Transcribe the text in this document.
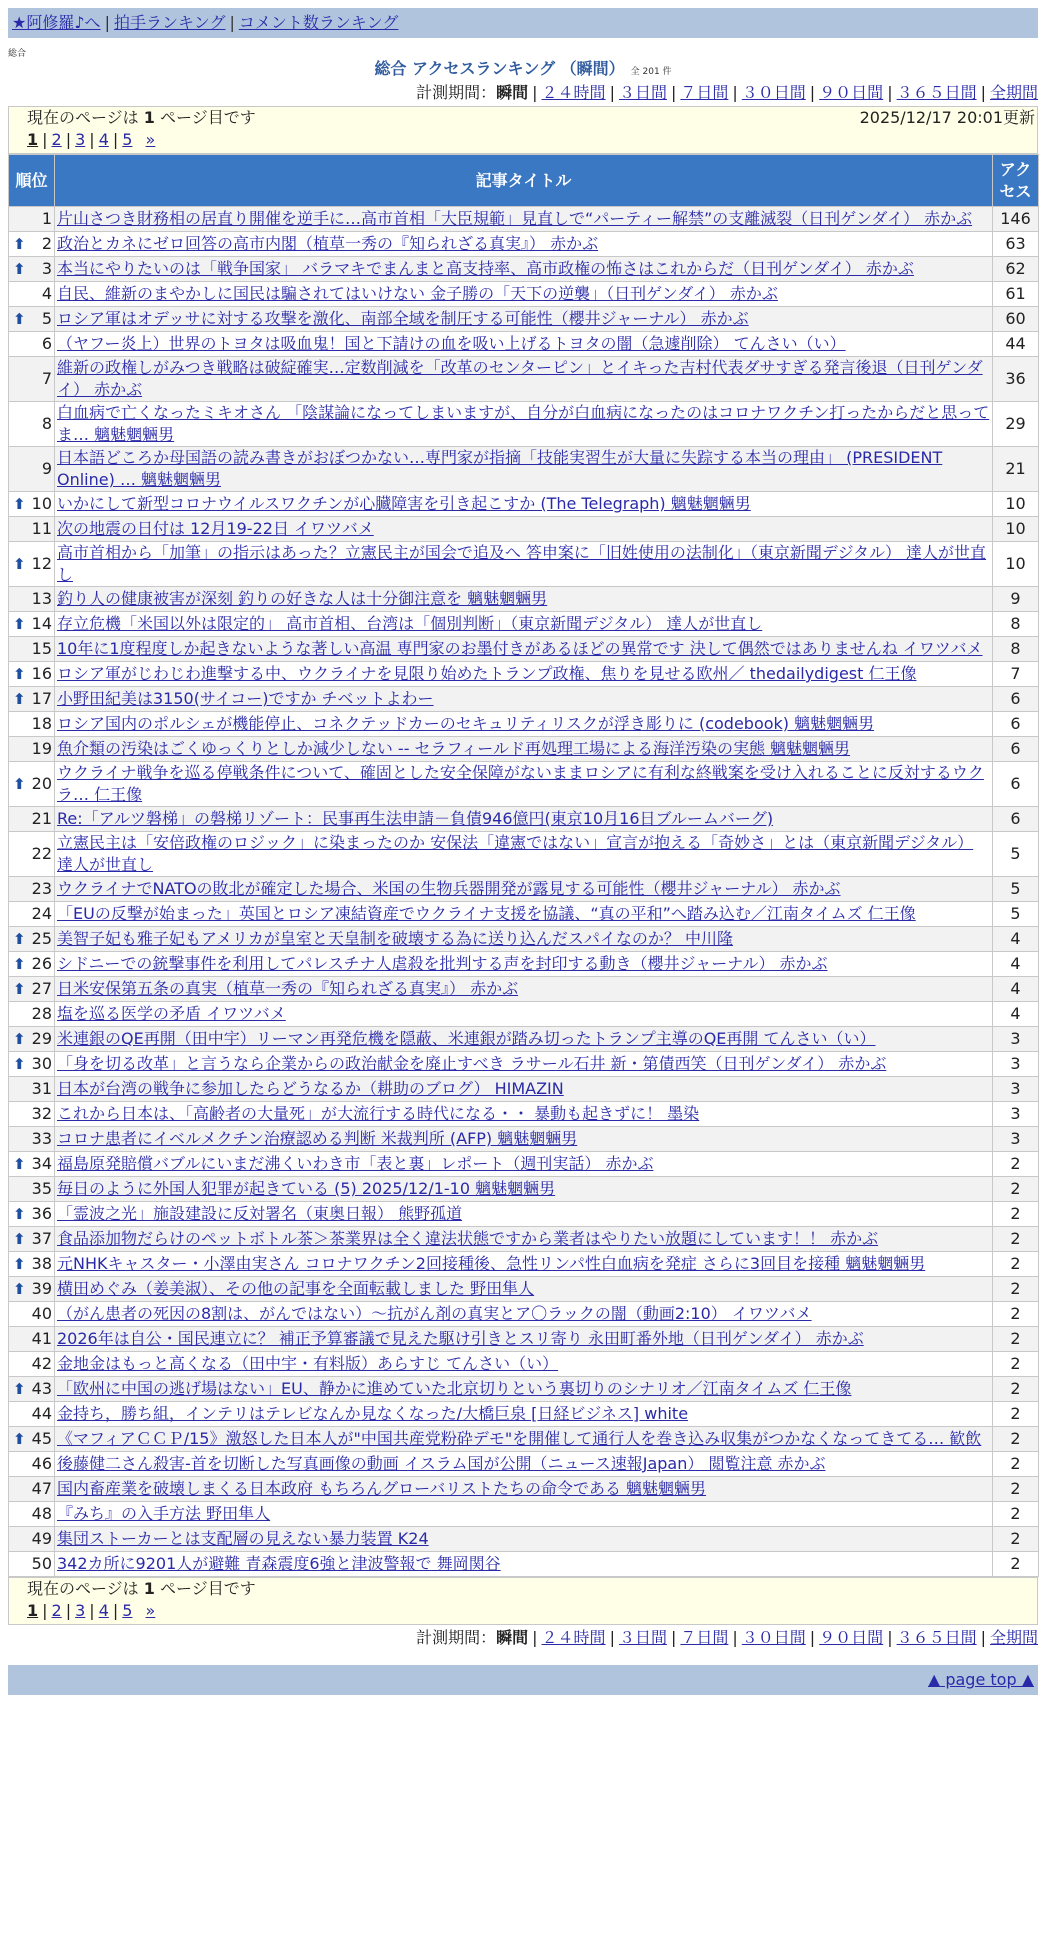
★阿修羅♪へ | 拍手ランキング | コメント数ランキング
総合
総合 アクセスランキング （瞬間） 全 201 件
計測期間：瞬間 | ２４時間 | ３日間 | ７日間 | ３０日間 | ９０日間 | ３６５日間 | 全期間
現在のページは 1 ページ目です	2025/12/17 20:01更新
1 | 2 | 3 | 4 | 5 »
順位	記事タイトル	アクセス
1	片山さつき財務相の居直り開催を逆手に…高市首相「大臣規範」見直しで“パーティー解禁”の支離滅裂（日刊ゲンダイ） 赤かぶ	146

⬆ 2	政治とカネにゼロ回答の高市内閣（植草一秀の『知られざる真実』） 赤かぶ	63

⬆ 3	本当にやりたいのは「戦争国家」 バラマキでまんまと高支持率、高市政権の怖さはこれからだ（日刊ゲンダイ） 赤かぶ	62
4	自民、維新のまやかしに国民は騙されてはいけない 金子勝の「天下の逆襲」（日刊ゲンダイ） 赤かぶ	61

⬆ 5	ロシア軍はオデッサに対する攻撃を激化、南部全域を制圧する可能性（櫻井ジャーナル） 赤かぶ	60
6	（ヤフー炎上）世界のトヨタは吸血鬼！国と下請けの血を吸い上げるトヨタの闇（急遽削除） てんさい（い）	44
7	維新の政権しがみつき戦略は破綻確実…定数削減を「改革のセンターピン」とイキった吉村代表ダサすぎる発言後退（日刊ゲンダイ） 赤かぶ	36
8	白血病で亡くなったミキオさん 「陰謀論になってしまいますが、自分が白血病になったのはコロナワクチン打ったからだと思ってま… 魑魅魍魎男	29
9	日本語どころか母国語の読み書きがおぼつかない…専門家が指摘「技能実習生が大量に失踪する本当の理由」 (PRESIDENT Online) … 魑魅魍魎男	21

⬆ 10	いかにして新型コロナウイルスワクチンが心臓障害を引き起こすか (The Telegraph) 魑魅魍魎男	10
11	次の地震の日付は 12月19-22日 イワツバメ	10

⬆ 12	高市首相から「加筆」の指示はあった？立憲民主が国会で追及へ 答申案に「旧姓使用の法制化」（東京新聞デジタル） 達人が世直し	10
13	釣り人の健康被害が深刻 釣りの好きな人は十分御注意を 魑魅魍魎男	9

⬆ 14	存立危機「米国以外は限定的」 高市首相、台湾は「個別判断」（東京新聞デジタル） 達人が世直し	8
15	10年に1度程度しか起きないような著しい高温 専門家のお墨付きがあるほどの異常です 決して偶然ではありませんね イワツバメ	8

⬆ 16	ロシア軍がじわじわ進撃する中、ウクライナを見限り始めたトランプ政権、焦りを見せる欧州／ thedailydigest 仁王像	7

⬆ 17	小野田紀美は3150(サイコー)ですか チベットよわー	6
18	ロシア国内のポルシェが機能停止、コネクテッドカーのセキュリティリスクが浮き彫りに (codebook) 魑魅魍魎男	6
19	魚介類の汚染はごくゆっくりとしか減少しない -- セラフィールド再処理工場による海洋汚染の実態 魑魅魍魎男	6

⬆ 20	ウクライナ戦争を巡る停戦条件について、確固とした安全保障がないままロシアに有利な終戦案を受け入れることに反対するウクラ… 仁王像	6
21	Re:「アルツ磐梯」の磐梯リゾート：民事再生法申請－負債946億円(東京10月16日ブルームバーグ)	6
22	立憲民主は「安倍政権のロジック」に染まったのか 安保法「違憲ではない」宣言が抱える「奇妙さ」とは（東京新聞デジタル） 達人が世直し	5
23	ウクライナでNATOの敗北が確定した場合、米国の生物兵器開発が露見する可能性（櫻井ジャーナル） 赤かぶ	5
24	「EUの反撃が始まった」英国とロシア凍結資産でウクライナ支援を協議、“真の平和”へ踏み込む／江南タイムズ 仁王像	5

⬆ 25	美智子妃も雅子妃もアメリカが皇室と天皇制を破壊する為に送り込んだスパイなのか？ 中川隆	4

⬆ 26	シドニーでの銃撃事件を利用してパレスチナ人虐殺を批判する声を封印する動き（櫻井ジャーナル） 赤かぶ	4

⬆ 27	日米安保第五条の真実（植草一秀の『知られざる真実』） 赤かぶ	4
28	塩を巡る医学の矛盾 イワツバメ	4

⬆ 29	米連銀のQE再開（田中宇）リーマン再発危機を隠蔽、米連銀が踏み切ったトランプ主導のQE再開 てんさい（い）	3

⬆ 30	「身を切る改革」と言うなら企業からの政治献金を廃止すべき ラサール石井 新・第債西笑（日刊ゲンダイ） 赤かぶ	3
31	日本が台湾の戦争に参加したらどうなるか（耕助のブログ） HIMAZIN	3
32	これから日本は、「高齢者の大量死」が大流行する時代になる・・ 暴動も起きずに！ 墨染	3
33	コロナ患者にイベルメクチン治療認める判断 米裁判所 (AFP) 魑魅魍魎男	3

⬆ 34	福島原発賠償バブルにいまだ沸くいわき市「表と裏」レポート（週刊実話） 赤かぶ	2
35	毎日のように外国人犯罪が起きている (5) 2025/12/1-10 魑魅魍魎男	2

⬆ 36	「霊波之光」施設建設に反対署名（東奥日報） 熊野孤道	2

⬆ 37	食品添加物だらけのペットボトル茶＞茶業界は全く違法状態ですから業者はやりたい放題にしています！！ 赤かぶ	2

⬆ 38	元NHKキャスター・小澤由実さん コロナワクチン2回接種後、急性リンパ性白血病を発症 さらに3回目を接種 魑魅魍魎男	2

⬆ 39	横田めぐみ（姜美淑）、その他の記事を全面転載しました 野田隼人	2
40	（がん患者の死因の8割は、がんではない）～抗がん剤の真実とア〇ラックの闇（動画2:10） イワツバメ	2
41	2026年は自公・国民連立に？ 補正予算審議で見えた駆け引きとスリ寄り 永田町番外地（日刊ゲンダイ） 赤かぶ	2
42	金地金はもっと高くなる（田中宇・有料版）あらすじ てんさい（い）	2

⬆ 43	「欧州に中国の逃げ場はない」EU、静かに進めていた北京切りという裏切りのシナリオ／江南タイムズ 仁王像	2
44	金持ち，勝ち組，インテリはテレビなんか見なくなった/大橋巨泉 [日経ビジネス] white	2

⬆ 45	《マフィアＣＣＰ/15》激怒した日本人が"中国共産党粉砕デモ"を開催して通行人を巻き込み収集がつかなくなってきてる… 歓飲	2
46	後藤健二さん殺害-首を切断した写真画像の動画 イスラム国が公開（ニュース速報Japan） 閲覧注意 赤かぶ	2
47	国内畜産業を破壊しまくる日本政府 もちろんグローバリストたちの命令である 魑魅魍魎男	2
48	『みち』の入手方法 野田隼人	2
49	集団ストーカーとは支配層の見えない暴力装置 K24	2
50	342カ所に9201人が避難 青森震度6強と津波警報で 舞岡関谷	2
現在のページは 1 ページ目です
1 | 2 | 3 | 4 | 5 »
計測期間：瞬間 | ２４時間 | ３日間 | ７日間 | ３０日間 | ９０日間 | ３６５日間 | 全期間
▲ page top ▲
